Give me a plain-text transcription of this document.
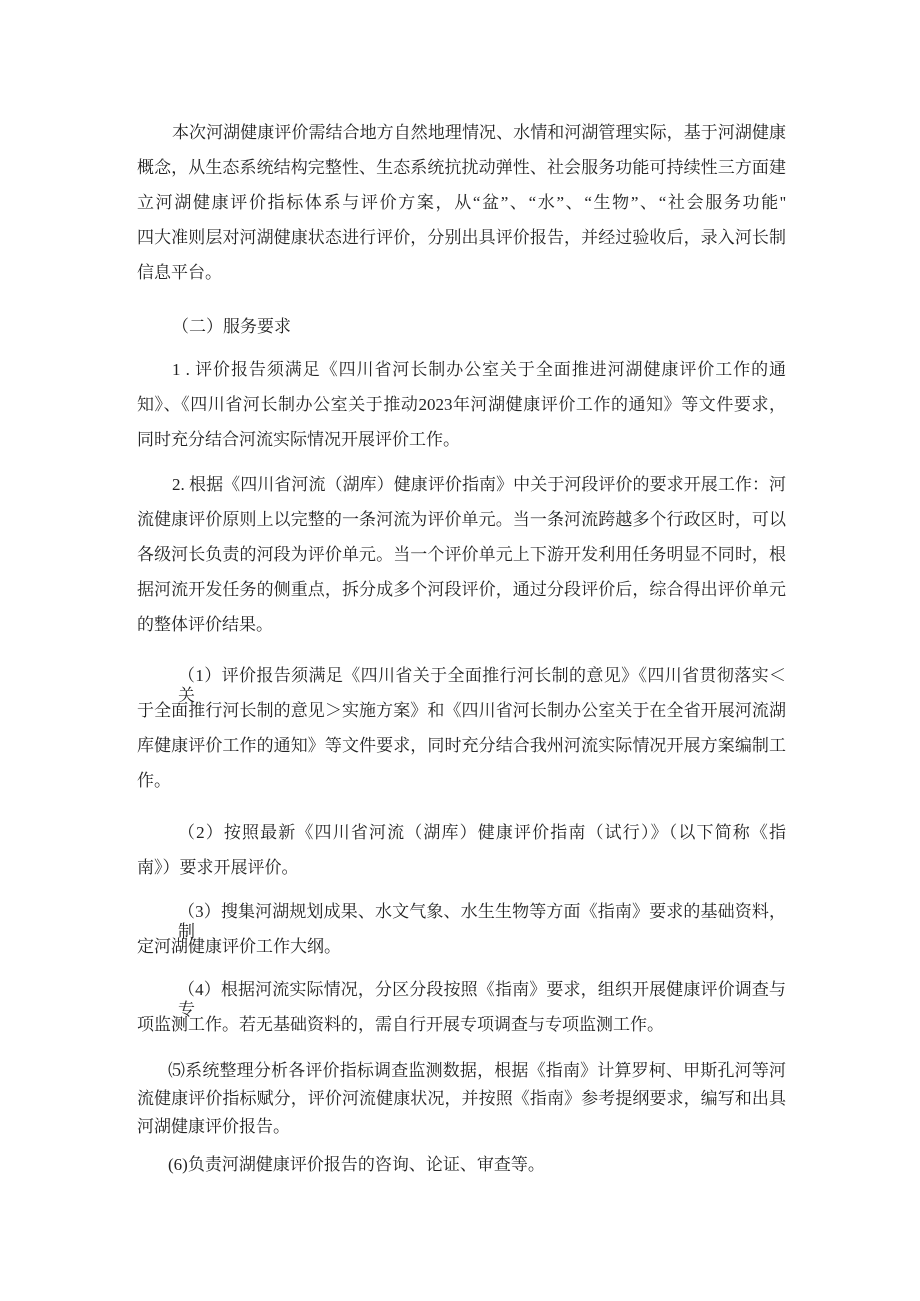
本次河湖健康评价需结合地方自然地理情况、水情和河湖管理实际，基于河湖健康
概念，从生态系统结构完整性、生态系统抗扰动弹性、社会服务功能可持续性三方面建
立河湖健康评价指标体系与评价方案，从“盆”、“水”、“生物”、“社会服务功能''
四大准则层对河湖健康状态进行评价，分别出具评价报告，并经过验收后，录入河长制
信息平台。
（二）服务要求
1 . 评价报告须满足《四川省河长制办公室关于全面推进河湖健康评价工作的通
知》、《四川省河长制办公室关于推动2023年河湖健康评价工作的通知》等文件要求，
同时充分结合河流实际情况开展评价工作。
2. 根据《四川省河流（湖库）健康评价指南》中关于河段评价的要求开展工作：河
流健康评价原则上以完整的一条河流为评价单元。当一条河流跨越多个行政区时，可以
各级河长负责的河段为评价单元。当一个评价单元上下游开发利用任务明显不同时，根
据河流开发任务的侧重点，拆分成多个河段评价，通过分段评价后，综合得出评价单元
的整体评价结果。
（1）评价报告须满足《四川省关于全面推行河长制的意见》《四川省贯彻落实＜关
于全面推行河长制的意见＞实施方案》和《四川省河长制办公室关于在全省开展河流湖
库健康评价工作的通知》等文件要求，同时充分结合我州河流实际情况开展方案编制工
作。
（2）按照最新《四川省河流（湖库）健康评价指南（试行）》（以下简称《指
南》）要求开展评价。
（3）搜集河湖规划成果、水文气象、水生生物等方面《指南》要求的基础资料，制
定河湖健康评价工作大纲。
（4）根据河流实际情况，分区分段按照《指南》要求，组织开展健康评价调查与专
项监测工作。若无基础资料的，需自行开展专项调查与专项监测工作。
⑸系统整理分析各评价指标调查监测数据，根据《指南》计算罗柯、甲斯孔河等河
流健康评价指标赋分，评价河流健康状况，并按照《指南》参考提纲要求，编写和出具
河湖健康评价报告。
(6)负责河湖健康评价报告的咨询、论证、审查等。
